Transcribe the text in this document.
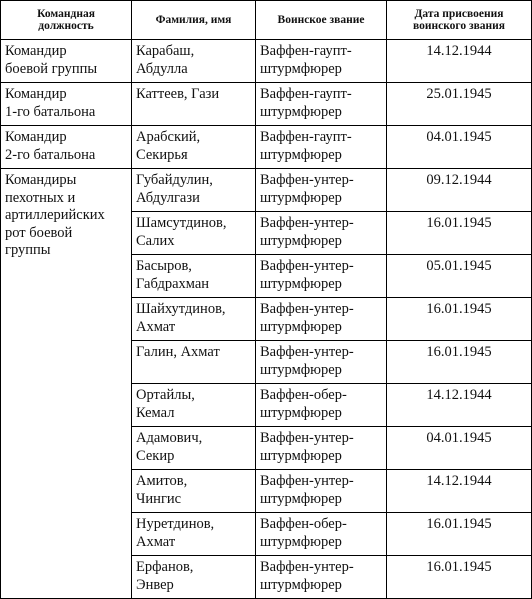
Командная
должность	Фамилия, имя	Воинское звание	Дата присвоения
воинского звания

Командир
боевой группы	Карабаш,
Абдулла	Ваффен-гаупт-
штурмфюрер	14.12.1944

Командир
1-го батальона	Каттеев, Гази	Ваффен-гаупт-
штурмфюрер	25.01.1945

Командир
2-го батальона	Арабский,
Секирья	Ваффен-гаупт-
штурмфюрер	04.01.1945

Командиры
пехотных и
артиллерийских
рот боевой
группы	Губайдулин,
Абдулгази	Ваффен-унтер-
штурмфюрер	09.12.1944

	Шамсутдинов,
Салих	Ваффен-унтер-
штурмфюрер	16.01.1945

	Басыров,
Габдрахман	Ваффен-унтер-
штурмфюрер	05.01.1945

	Шайхутдинов,
Ахмат	Ваффен-унтер-
штурмфюрер	16.01.1945

	Галин, Ахмат	Ваффен-унтер-
штурмфюрер	16.01.1945

	Ортайлы,
Кемал	Ваффен-обер-
штурмфюрер	14.12.1944

	Адамович,
Секир	Ваффен-унтер-
штурмфюрер	04.01.1945

	Амитов,
Чингис	Ваффен-унтер-
штурмфюрер	14.12.1944

	Нуретдинов,
Ахмат	Ваффен-обер-
штурмфюрер	16.01.1945

	Ерфанов,
Энвер	Ваффен-унтер-
штурмфюрер	16.01.1945
